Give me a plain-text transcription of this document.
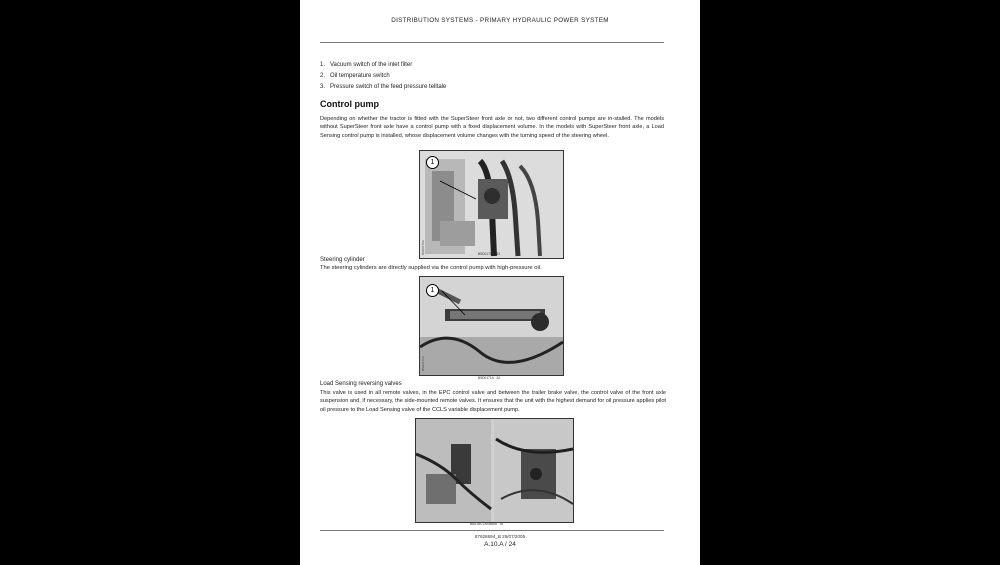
DISTRIBUTION SYSTEMS - PRIMARY HYDRAULIC POWER SYSTEM
1. Vacuum switch of the inlet filter
2. Oil temperature switch
3. Pressure switch of the feed pressure telltale
Control pump
Depending on whether the tractor is fitted with the SuperSteer front axle or not, two different control pumps are in-stalled. The models without SuperSteer front axle have a control pump with a fixed displacement volume. In the models with SuperSteer front axle, a Load Sensing control pump is installed, whose displacement volume changes with the turning speed of the steering wheel.
1
BSD0170A	BSD0170A 33
Steering cylinder
The steering cylinders are directly supplied via the control pump with high-pressure oil.
1
BSD0171A
BSD0171A 34
Load Sensing reversing valves
This valve is used in all remote valves, in the EPC control valve and between the trailer brake valve, the control valve of the front axle suspension and, if necessary, the side-mounted remote valves. It ensures that the unit with the highest demand for oil pressure applies pilot oil pressure to the Load Sensing valve of the CCLS variable displacement pump.
BAIL06CCM0585A 35
87628694_B 25/07/2005
A.10.A / 24
